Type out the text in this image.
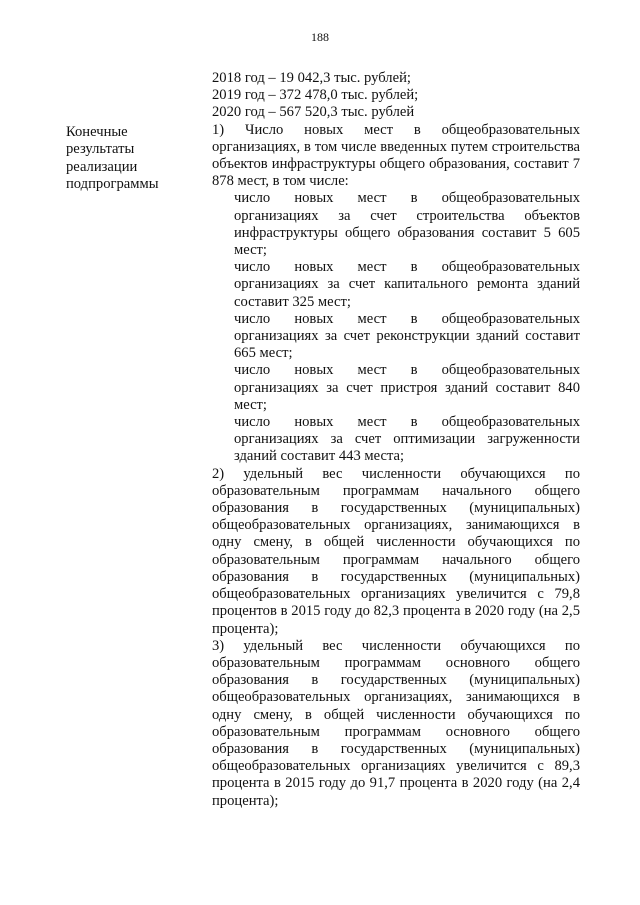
188
Конечные
результаты
реализации
подпрограммы
2018 год – 19 042,3 тыс. рублей;
2019 год – 372 478,0 тыс. рублей;
2020 год – 567 520,3 тыс. рублей

1) Число новых мест в общеобразовательных организациях, в том числе введенных путем строительства объектов инфраструктуры общего образования, составит 7 878 мест, в том числе:

число новых мест в общеобразовательных организациях за счет строительства объектов инфраструктуры общего образования составит 5 605 мест;

число новых мест в общеобразовательных организациях за счет капитального ремонта зданий составит 325 мест;

число новых мест в общеобразовательных организациях за счет реконструкции зданий составит 665 мест;

число новых мест в общеобразовательных организациях за счет пристроя зданий составит 840 мест;

число новых мест в общеобразовательных организациях за счет оптимизации загруженности зданий составит 443 места;

2) удельный вес численности обучающихся по образовательным программам начального общего образования в государственных (муниципальных) общеобразовательных организациях, занимающихся в одну смену, в общей численности обучающихся по образовательным программам начального общего образования в государственных (муниципальных) общеобразовательных организациях увеличится с 79,8 процентов в 2015 году до 82,3 процента в 2020 году (на 2,5 процента);

3) удельный вес численности обучающихся по образовательным программам основного общего образования в государственных (муниципальных) общеобразовательных организациях, занимающихся в одну смену, в общей численности обучающихся по образовательным программам основного общего образования в государственных (муниципальных) общеобразовательных организациях увеличится с 89,3 процента в 2015 году до 91,7 процента в 2020 году (на 2,4 процента);
